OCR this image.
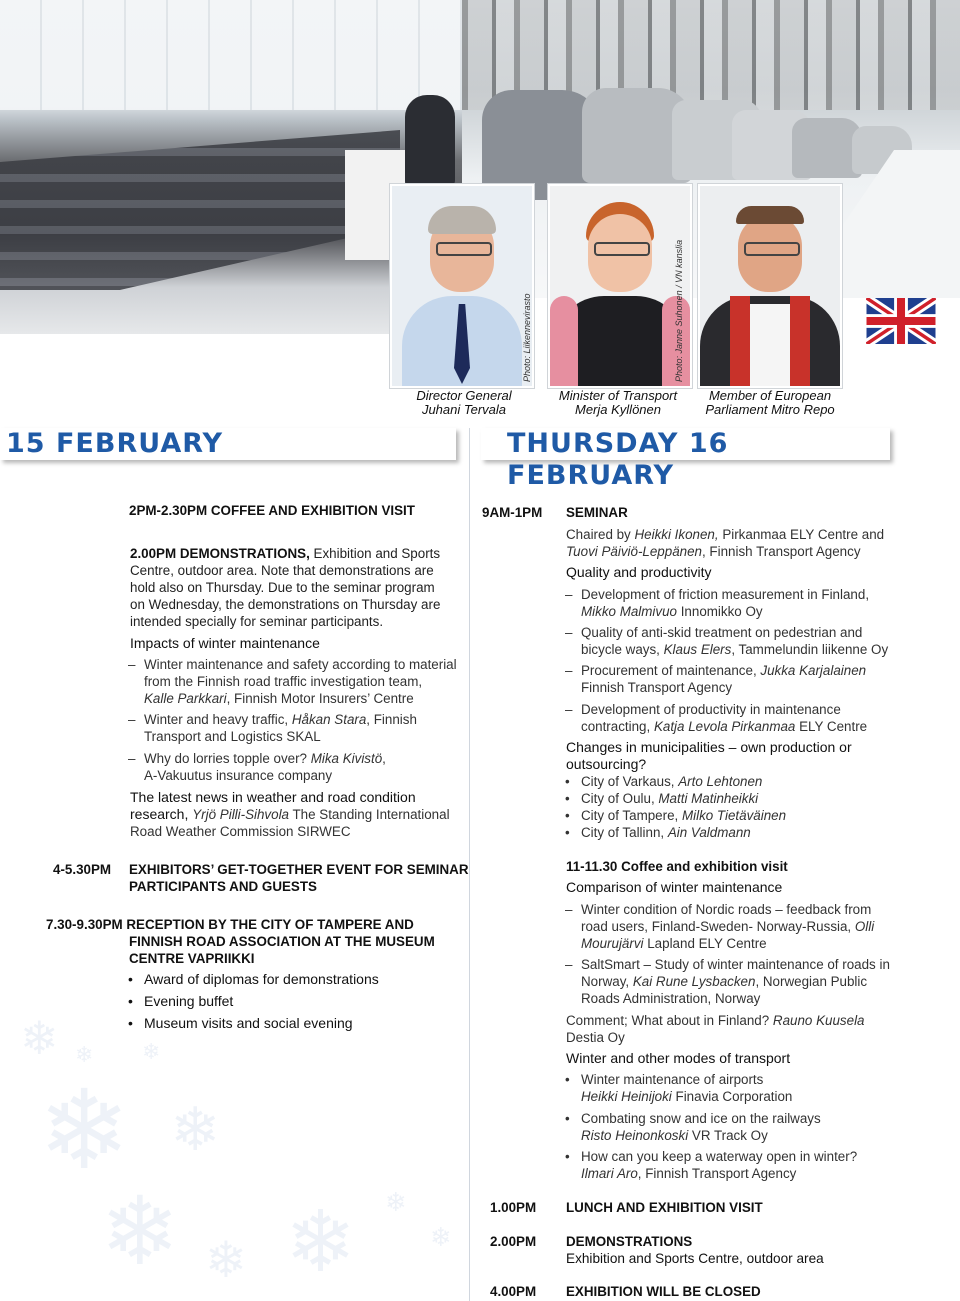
Photo: Liikennevirasto	Photo: Janne Suhonen / VN kanslia
Director General
Juhani Tervala
Minister of Transport
Merja Kyllönen
Member of European
Parliament Mitro Repo
15 FEBRUARY	THURSDAY 16 FEBRUARY
❄ ❄ ❄
❄ ❄
❄ ❄ ❄ ❄
❄
2PM-2.30PM COFFEE AND EXHIBITION VISIT
2.00PM DEMONSTRATIONS, Exhibition and Sports
Centre, outdoor area. Note that demonstrations are
hold also on Thursday. Due to the seminar program
on Wednesday, the demonstrations on Thursday are
intended specially for seminar participants.
Impacts of winter maintenance
– Winter maintenance and safety according to material
from the Finnish road traffic investigation team,
Kalle Parkkari, Finnish Motor Insurers’ Centre
– Winter and heavy traffic, Håkan Stara, Finnish
Transport and Logistics SKAL
– Why do lorries topple over? Mika Kivistö,
A-Vakuutus insurance company
The latest news in weather and road condition
research, Yrjö Pilli-Sihvola The Standing International
Road Weather Commission SIRWEC
4-5.30PM EXHIBITORS’ GET-TOGETHER EVENT FOR SEMINAR
PARTICIPANTS AND GUESTS
7.30-9.30PM RECEPTION BY THE CITY OF TAMPERE AND
FINNISH ROAD ASSOCIATION AT THE MUSEUM
CENTRE VAPRIIKKI
• Award of diplomas for demonstrations
• Evening buffet
• Museum visits and social evening
9AM-1PM SEMINAR
Chaired by Heikki Ikonen, Pirkanmaa ELY Centre and
Tuovi Päiviö-Leppänen, Finnish Transport Agency
Quality and productivity
– Development of friction measurement in Finland,
Mikko Malmivuo Innomikko Oy
– Quality of anti-skid treatment on pedestrian and
bicycle ways, Klaus Elers, Tammelundin liikenne Oy
– Procurement of maintenance, Jukka Karjalainen
Finnish Transport Agency
– Development of productivity in maintenance
contracting, Katja Levola Pirkanmaa ELY Centre
Changes in municipalities – own production or
outsourcing?
• City of Varkaus, Arto Lehtonen
• City of Oulu, Matti Matinheikki
• City of Tampere, Milko Tietäväinen
• City of Tallinn, Ain Valdmann
11-11.30 Coffee and exhibition visit
Comparison of winter maintenance
– Winter condition of Nordic roads – feedback from
road users, Finland-Sweden- Norway-Russia, Olli
Mourujärvi Lapland ELY Centre
– SaltSmart – Study of winter maintenance of roads in
Norway, Kai Rune Lysbacken, Norwegian Public
Roads Administration, Norway
Comment; What about in Finland? Rauno Kuusela
Destia Oy
Winter and other modes of transport
• Winter maintenance of airports
Heikki Heinijoki Finavia Corporation
• Combating snow and ice on the railways
Risto Heinonkoski VR Track Oy
• How can you keep a waterway open in winter?
Ilmari Aro, Finnish Transport Agency
1.00PM LUNCH AND EXHIBITION VISIT
2.00PM DEMONSTRATIONS
Exhibition and Sports Centre, outdoor area
4.00PM EXHIBITION WILL BE CLOSED
